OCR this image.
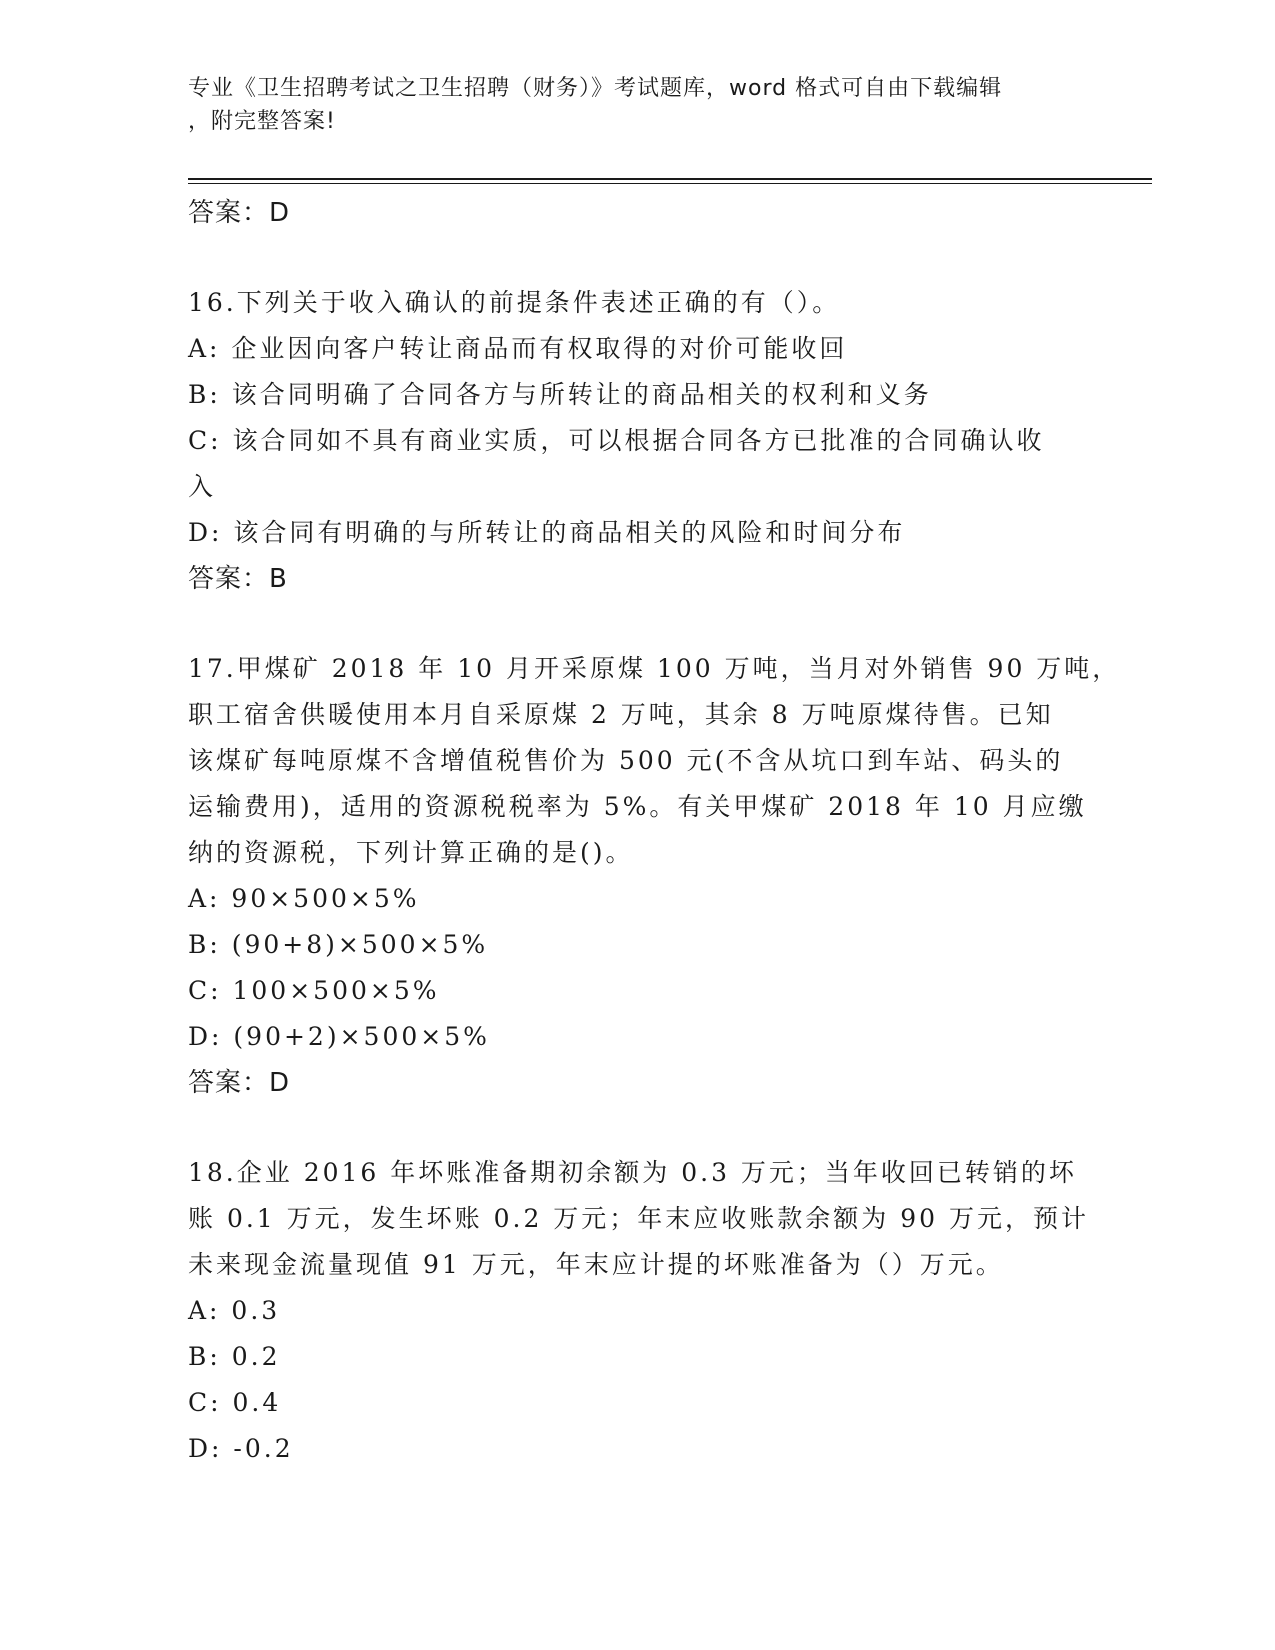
专业《卫生招聘考试之卫生招聘（财务）》考试题库，word 格式可自由下载编辑
，附完整答案!
答案：D
16.下列关于收入确认的前提条件表述正确的有（）。
A: 企业因向客户转让商品而有权取得的对价可能收回
B: 该合同明确了合同各方与所转让的商品相关的权利和义务
C: 该合同如不具有商业实质，可以根据合同各方已批准的合同确认收
入
D: 该合同有明确的与所转让的商品相关的风险和时间分布
答案：B
17.甲煤矿 2018 年 10 月开采原煤 100 万吨，当月对外销售 90 万吨，
职工宿舍供暖使用本月自采原煤 2 万吨，其余 8 万吨原煤待售。已知
该煤矿每吨原煤不含增值税售价为 500 元(不含从坑口到车站、码头的
运输费用)，适用的资源税税率为 5%。有关甲煤矿 2018 年 10 月应缴
纳的资源税，下列计算正确的是()。
A: 90×500×5%
B: (90+8)×500×5%
C: 100×500×5%
D: (90+2)×500×5%
答案：D
18.企业 2016 年坏账准备期初余额为 0.3 万元；当年收回已转销的坏
账 0.1 万元，发生坏账 0.2 万元；年末应收账款余额为 90 万元，预计
未来现金流量现值 91 万元，年末应计提的坏账准备为（）万元。
A: 0.3
B: 0.2
C: 0.4
D: -0.2
